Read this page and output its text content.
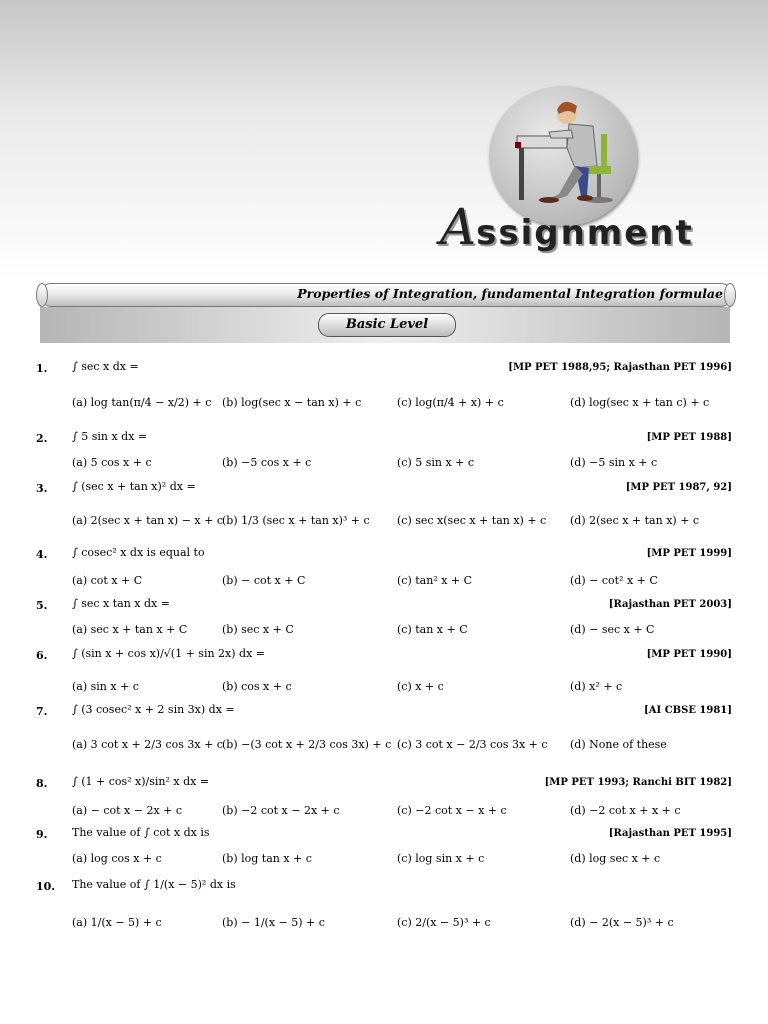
Assignment
Properties of Integration, fundamental Integration formulae
Basic Level
1. ∫ sec x dx =	[MP PET 1988,95; Rajasthan PET 1996]
(a) log tan(π/4 − x/2) + c (b) log(sec x − tan x) + c	(c) log(π/4 + x) + c	(d) log(sec x + tan c) + c
2. ∫ 5 sin x dx =	[MP PET 1988]
(a) 5 cos x + c	(b) −5 cos x + c	(c) 5 sin x + c	(d) −5 sin x + c
3. ∫ (sec x + tan x)² dx =	[MP PET 1987, 92]
(a) 2(sec x + tan x) − x + c (b) 1/3 (sec x + tan x)³ + c (c) sec x(sec x + tan x) + c (d) 2(sec x + tan x) + c
4. ∫ cosec² x dx is equal to	[MP PET 1999]
(a) cot x + C	(b) − cot x + C	(c) tan² x + C	(d) − cot² x + C
5. ∫ sec x tan x dx =	[Rajasthan PET 2003]
(a) sec x + tan x + C	(b) sec x + C	(c) tan x + C	(d) − sec x + C
6. ∫ (sin x + cos x)/√(1 + sin 2x) dx =	[MP PET 1990]
(a) sin x + c	(b) cos x + c	(c) x + c	(d) x² + c
7. ∫ (3 cosec² x + 2 sin 3x) dx =	[AI CBSE 1981]
(a) 3 cot x + 2/3 cos 3x + c (b) −(3 cot x + 2/3 cos 3x) + c (c) 3 cot x − 2/3 cos 3x + c (d) None of these
8. ∫ (1 + cos² x)/sin² x dx =	[MP PET 1993; Ranchi BIT 1982]
(a) − cot x − 2x + c	(b) −2 cot x − 2x + c	(c) −2 cot x − x + c	(d) −2 cot x + x + c
9. The value of ∫ cot x dx is	[Rajasthan PET 1995]
(a) log cos x + c	(b) log tan x + c	(c) log sin x + c	(d) log sec x + c
10. The value of ∫ 1/(x − 5)² dx is
(a) 1/(x − 5) + c	(b) − 1/(x − 5) + c	(c) 2/(x − 5)³ + c	(d) − 2(x − 5)³ + c
